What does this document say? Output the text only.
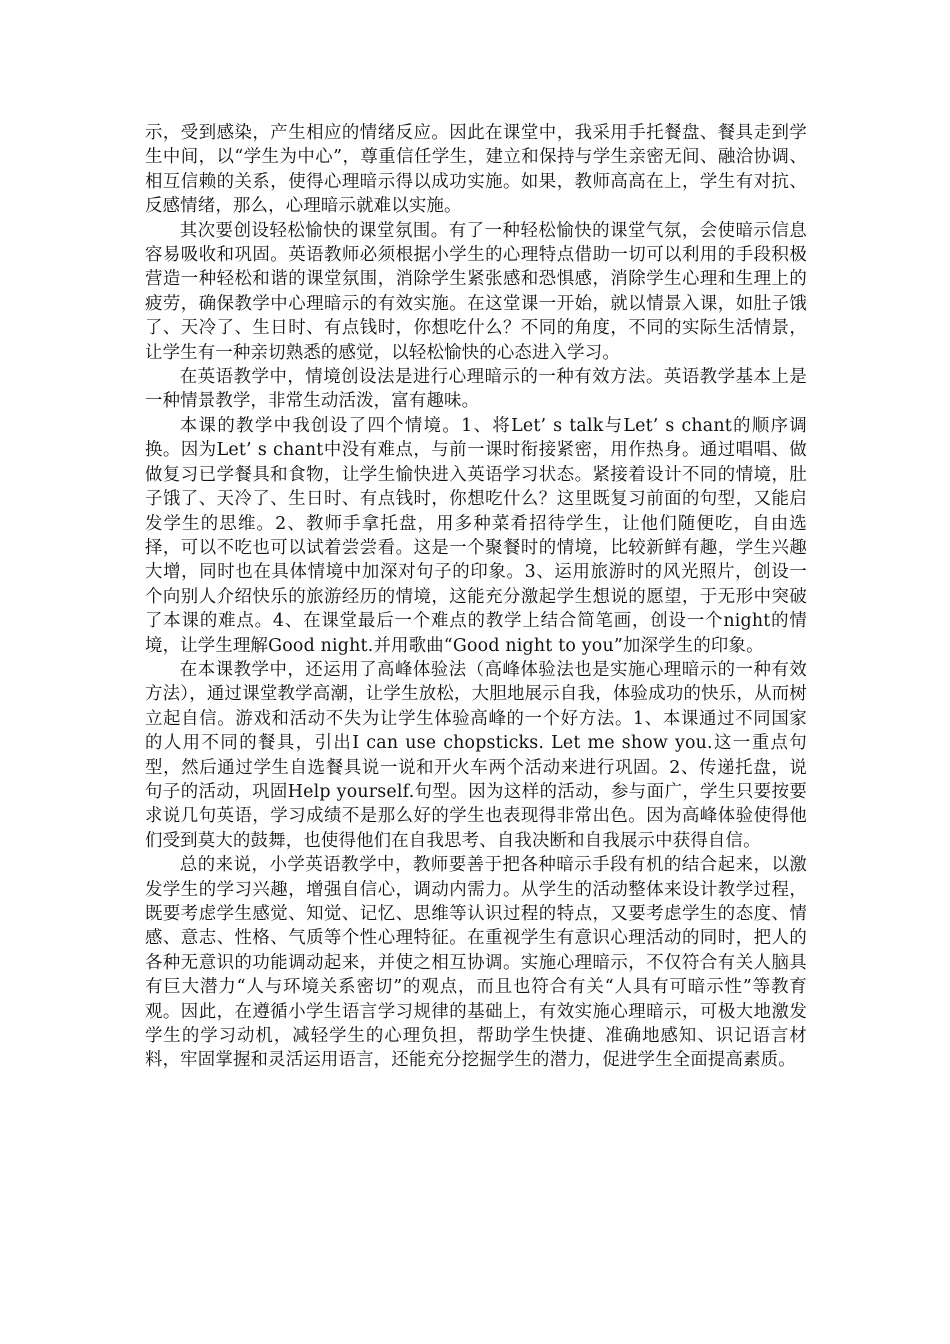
示，受到感染，产生相应的情绪反应。因此在课堂中，我采用手托餐盘、餐具走到学生中间，以“学生为中心”，尊重信任学生，建立和保持与学生亲密无间、融洽协调、相互信赖的关系，使得心理暗示得以成功实施。如果，教师高高在上，学生有对抗、反感情绪，那么，心理暗示就难以实施。

其次要创设轻松愉快的课堂氛围。有了一种轻松愉快的课堂气氛，会使暗示信息容易吸收和巩固。英语教师必须根据小学生的心理特点借助一切可以利用的手段积极营造一种轻松和谐的课堂氛围，消除学生紧张感和恐惧感，消除学生心理和生理上的疲劳，确保教学中心理暗示的有效实施。在这堂课一开始，就以情景入课，如肚子饿了、天冷了、生日时、有点钱时，你想吃什么？不同的角度，不同的实际生活情景，让学生有一种亲切熟悉的感觉，以轻松愉快的心态进入学习。

在英语教学中，情境创设法是进行心理暗示的一种有效方法。英语教学基本上是一种情景教学，非常生动活泼，富有趣味。

本课的教学中我创设了四个情境。1、将Let’ s talk与Let’ s chant的顺序调换。因为Let’ s chant中没有难点，与前一课时衔接紧密，用作热身。通过唱唱、做做复习已学餐具和食物，让学生愉快进入英语学习状态。紧接着设计不同的情境，肚子饿了、天冷了、生日时、有点钱时，你想吃什么？这里既复习前面的句型，又能启发学生的思维。2、教师手拿托盘，用多种菜肴招待学生，让他们随便吃，自由选择，可以不吃也可以试着尝尝看。这是一个聚餐时的情境，比较新鲜有趣，学生兴趣大增，同时也在具体情境中加深对句子的印象。3、运用旅游时的风光照片，创设一个向别人介绍快乐的旅游经历的情境，这能充分激起学生想说的愿望，于无形中突破了本课的难点。4、在课堂最后一个难点的教学上结合简笔画，创设一个night的情境，让学生理解Good night.并用歌曲“Good night to you”加深学生的印象。

在本课教学中，还运用了高峰体验法（高峰体验法也是实施心理暗示的一种有效方法），通过课堂教学高潮，让学生放松，大胆地展示自我，体验成功的快乐，从而树立起自信。游戏和活动不失为让学生体验高峰的一个好方法。1、本课通过不同国家的人用不同的餐具，引出I can use chopsticks. Let me show you.这一重点句型，然后通过学生自选餐具说一说和开火车两个活动来进行巩固。2、传递托盘，说句子的活动，巩固Help yourself.句型。因为这样的活动，参与面广，学生只要按要求说几句英语，学习成绩不是那么好的学生也表现得非常出色。因为高峰体验使得他们受到莫大的鼓舞，也使得他们在自我思考、自我决断和自我展示中获得自信。

总的来说，小学英语教学中，教师要善于把各种暗示手段有机的结合起来，以激发学生的学习兴趣，增强自信心，调动内需力。从学生的活动整体来设计教学过程，既要考虑学生感觉、知觉、记忆、思维等认识过程的特点，又要考虑学生的态度、情感、意志、性格、气质等个性心理特征。在重视学生有意识心理活动的同时，把人的各种无意识的功能调动起来，并使之相互协调。实施心理暗示，不仅符合有关人脑具有巨大潜力“人与环境关系密切”的观点，而且也符合有关“人具有可暗示性”等教育观。因此，在遵循小学生语言学习规律的基础上，有效实施心理暗示，可极大地激发学生的学习动机，减轻学生的心理负担，帮助学生快捷、准确地感知、识记语言材料，牢固掌握和灵活运用语言，还能充分挖掘学生的潜力，促进学生全面提高素质。
